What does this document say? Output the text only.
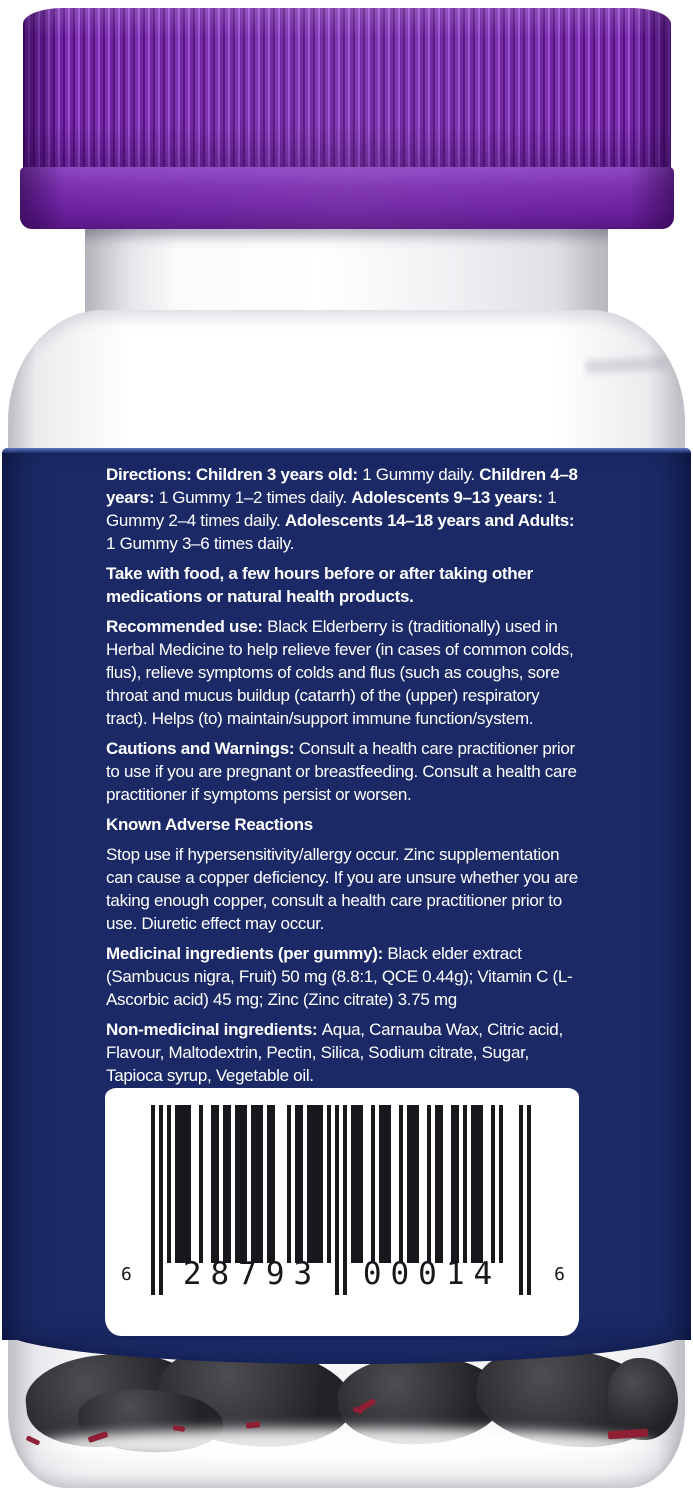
Directions: Children 3 years old: 1 Gummy daily. Children 4–8 years: 1 Gummy 1–2 times daily. Adolescents 9–13 years: 1 Gummy 2–4 times daily. Adolescents 14–18 years and Adults: 1 Gummy 3–6 times daily.

Take with food, a few hours before or after taking other medications or natural health products.

Recommended use: Black Elderberry is (traditionally) used in Herbal Medicine to help relieve fever (in cases of common colds, flus), relieve symptoms of colds and flus (such as coughs, sore throat and mucus buildup (catarrh) of the (upper) respiratory tract). Helps (to) maintain/support immune function/system.

Cautions and Warnings: Consult a health care practitioner prior to use if you are pregnant or breastfeeding. Consult a health care practitioner if symptoms persist or worsen.

Known Adverse Reactions

Stop use if hypersensitivity/allergy occur. Zinc supplementation can cause a copper deficiency. If you are unsure whether you are taking enough copper, consult a health care practitioner prior to use. Diuretic effect may occur.

Medicinal ingredients (per gummy): Black elder extract (Sambucus nigra, Fruit) 50 mg (8.8:1, QCE 0.44g); Vitamin C (L-Ascorbic acid) 45 mg; Zinc (Zinc citrate) 3.75 mg

Non-medicinal ingredients: Aqua, Carnauba Wax, Citric acid, Flavour, Maltodextrin, Pectin, Silica, Sodium citrate, Sugar, Tapioca syrup, Vegetable oil.

6	28793	00014	6
